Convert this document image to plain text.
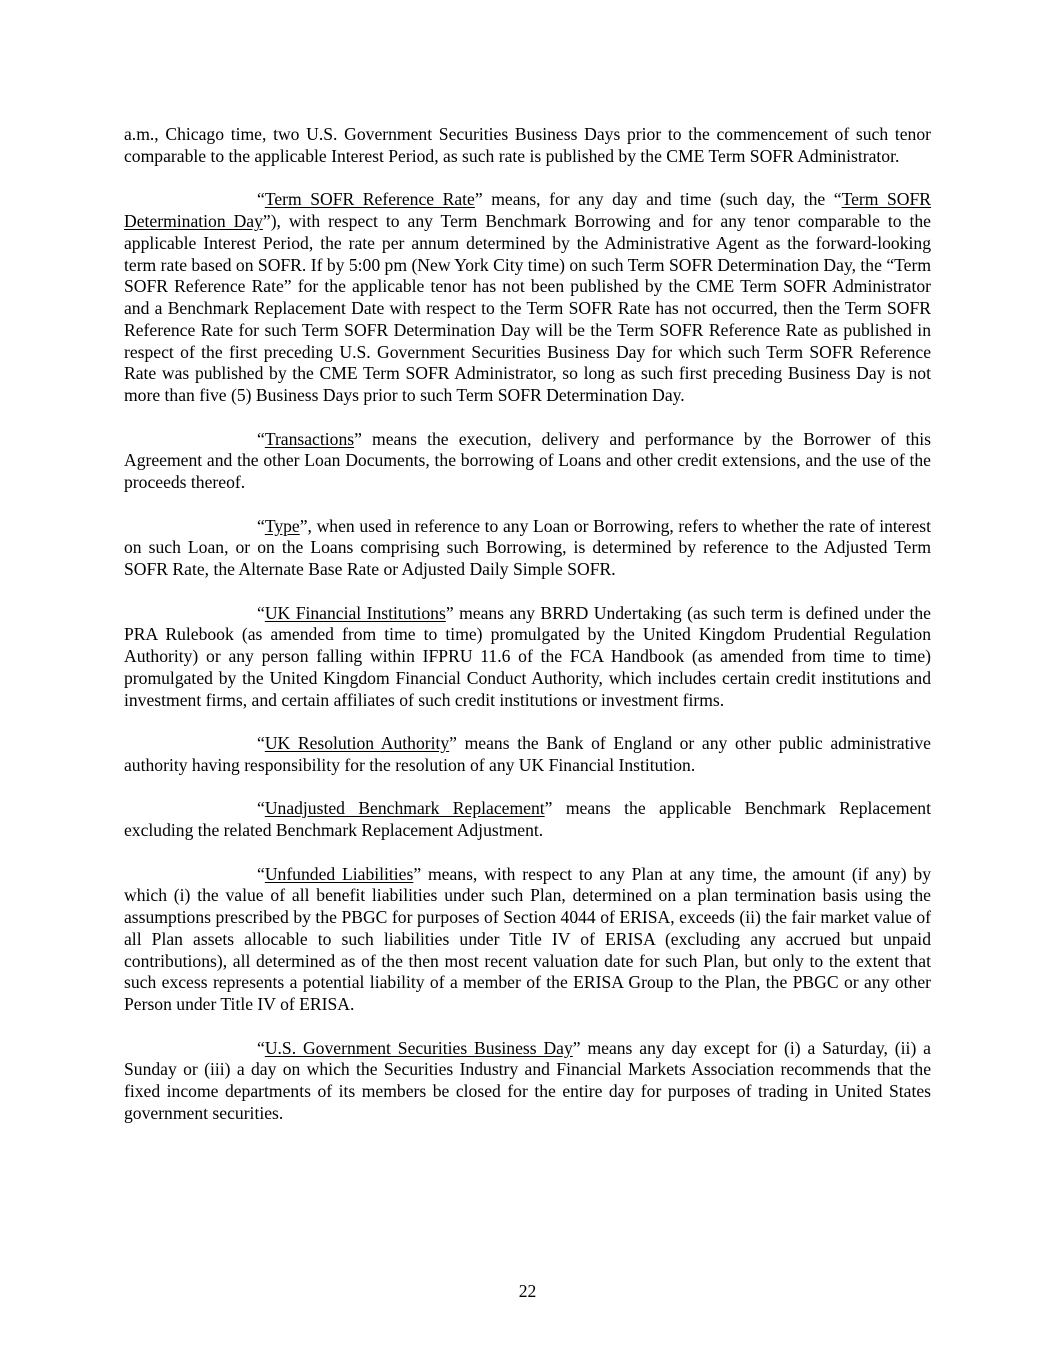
a.m., Chicago time, two U.S. Government Securities Business Days prior to the commencement of such tenor comparable to the applicable Interest Period, as such rate is published by the CME Term SOFR Administrator.

“Term SOFR Reference Rate” means, for any day and time (such day, the “Term SOFR Determination Day”), with respect to any Term Benchmark Borrowing and for any tenor comparable to the applicable Interest Period, the rate per annum determined by the Administrative Agent as the forward-looking term rate based on SOFR. If by 5:00 pm (New York City time) on such Term SOFR Determination Day, the “Term SOFR Reference Rate” for the applicable tenor has not been published by the CME Term SOFR Administrator and a Benchmark Replacement Date with respect to the Term SOFR Rate has not occurred, then the Term SOFR Reference Rate for such Term SOFR Determination Day will be the Term SOFR Reference Rate as published in respect of the first preceding U.S. Government Securities Business Day for which such Term SOFR Reference Rate was published by the CME Term SOFR Administrator, so long as such first preceding Business Day is not more than five (5) Business Days prior to such Term SOFR Determination Day.

“Transactions” means the execution, delivery and performance by the Borrower of this Agreement and the other Loan Documents, the borrowing of Loans and other credit extensions, and the use of the proceeds thereof.

“Type”, when used in reference to any Loan or Borrowing, refers to whether the rate of interest on such Loan, or on the Loans comprising such Borrowing, is determined by reference to the Adjusted Term SOFR Rate, the Alternate Base Rate or Adjusted Daily Simple SOFR.

“UK Financial Institutions” means any BRRD Undertaking (as such term is defined under the PRA Rulebook (as amended from time to time) promulgated by the United Kingdom Prudential Regulation Authority) or any person falling within IFPRU 11.6 of the FCA Handbook (as amended from time to time) promulgated by the United Kingdom Financial Conduct Authority, which includes certain credit institutions and investment firms, and certain affiliates of such credit institutions or investment firms.

“UK Resolution Authority” means the Bank of England or any other public administrative authority having responsibility for the resolution of any UK Financial Institution.

“Unadjusted Benchmark Replacement” means the applicable Benchmark Replacement excluding the related Benchmark Replacement Adjustment.

“Unfunded Liabilities” means, with respect to any Plan at any time, the amount (if any) by which (i) the value of all benefit liabilities under such Plan, determined on a plan termination basis using the assumptions prescribed by the PBGC for purposes of Section 4044 of ERISA, exceeds (ii) the fair market value of all Plan assets allocable to such liabilities under Title IV of ERISA (excluding any accrued but unpaid contributions), all determined as of the then most recent valuation date for such Plan, but only to the extent that such excess represents a potential liability of a member of the ERISA Group to the Plan, the PBGC or any other Person under Title IV of ERISA.

“U.S. Government Securities Business Day” means any day except for (i) a Saturday, (ii) a Sunday or (iii) a day on which the Securities Industry and Financial Markets Association recommends that the fixed income departments of its members be closed for the entire day for purposes of trading in United States government securities.

22
